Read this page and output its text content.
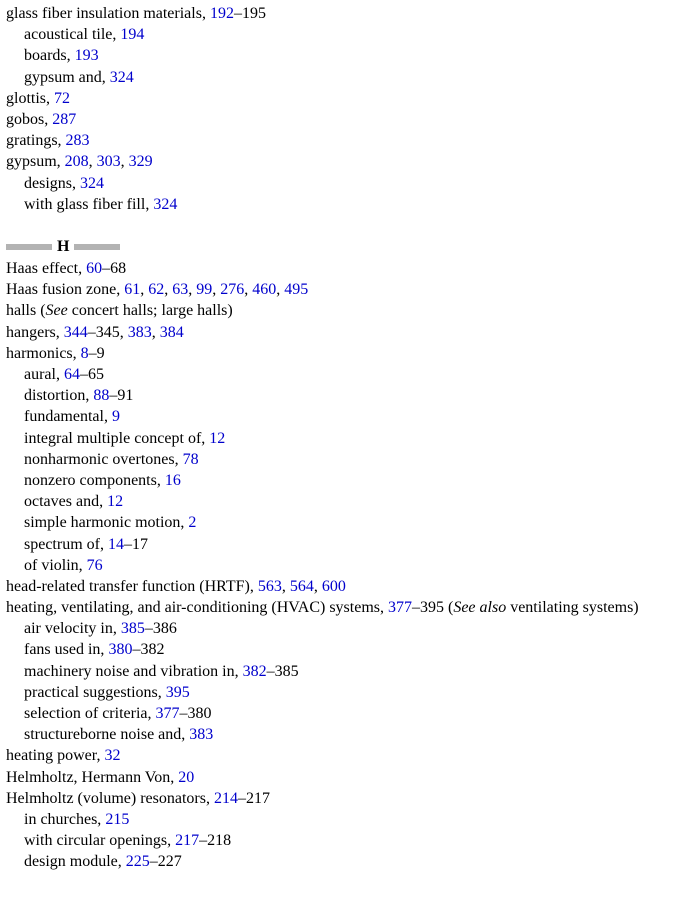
glass fiber insulation materials, 192–195
acoustical tile, 194
boards, 193
gypsum and, 324
glottis, 72
gobos, 287
gratings, 283
gypsum, 208, 303, 329
designs, 324
with glass fiber fill, 324
H
Haas effect, 60–68
Haas fusion zone, 61, 62, 63, 99, 276, 460, 495
halls (See concert halls; large halls)
hangers, 344–345, 383, 384
harmonics, 8–9
aural, 64–65
distortion, 88–91
fundamental, 9
integral multiple concept of, 12
nonharmonic overtones, 78
nonzero components, 16
octaves and, 12
simple harmonic motion, 2
spectrum of, 14–17
of violin, 76
head-related transfer function (HRTF), 563, 564, 600
heating, ventilating, and air-conditioning (HVAC) systems, 377–395 (See also ventilating systems)
air velocity in, 385–386
fans used in, 380–382
machinery noise and vibration in, 382–385
practical suggestions, 395
selection of criteria, 377–380
structureborne noise and, 383
heating power, 32
Helmholtz, Hermann Von, 20
Helmholtz (volume) resonators, 214–217
in churches, 215
with circular openings, 217–218
design module, 225–227
